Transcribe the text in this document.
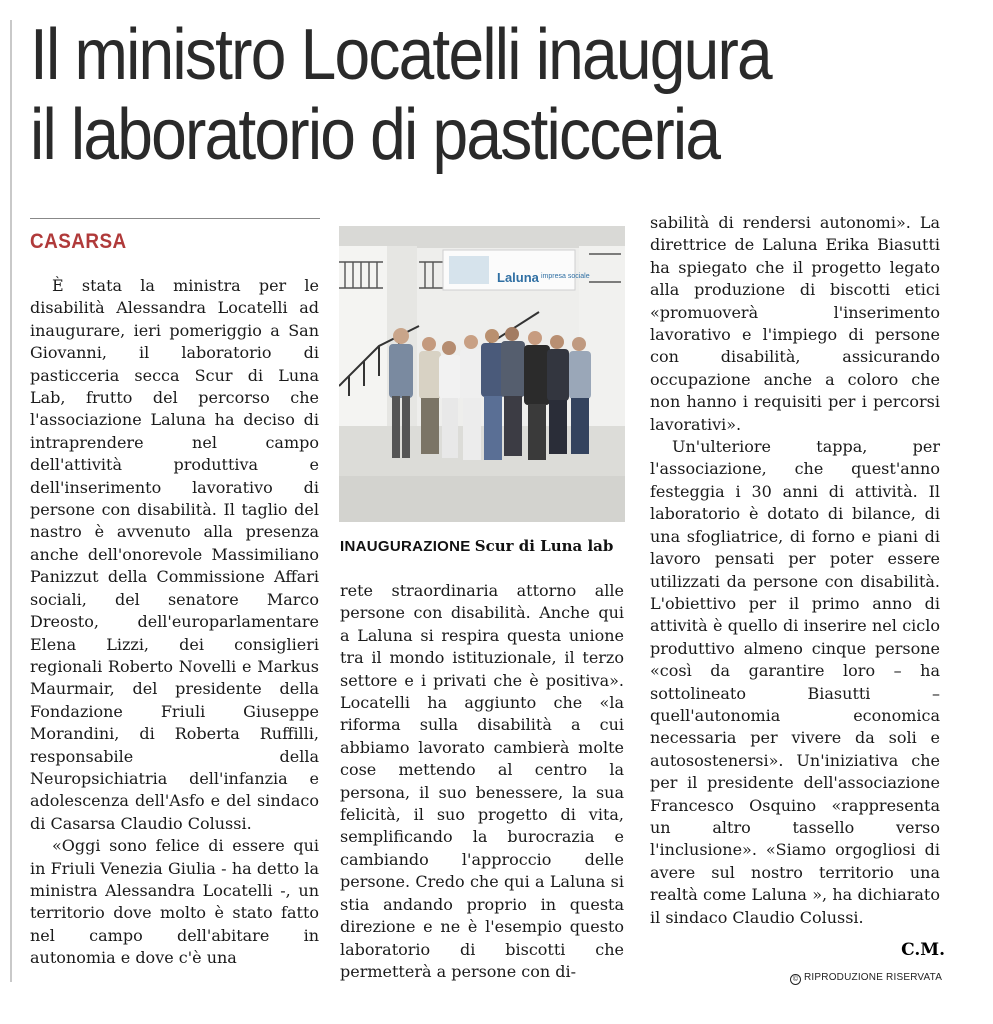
Il ministro Locatelli inaugura
il laboratorio di pasticceria
CASARSA

È stata la ministra per le disabilità Alessandra Locatelli ad inaugurare, ieri pomeriggio a San Giovanni, il laboratorio di pasticceria secca Scur di Luna Lab, frutto del percorso che l'associazione Laluna ha deciso di intraprendere nel campo dell'attività produttiva e dell'inserimento lavorativo di persone con disabilità. Il taglio del nastro è avvenuto alla presenza anche dell'onorevole Massimiliano Panizzut della Commissione Affari sociali, del senatore Marco Dreosto, dell'europarlamentare Elena Lizzi, dei consiglieri regionali Roberto Novelli e Markus Maurmair, del presidente della Fondazione Friuli Giuseppe Morandini, di Roberta Ruffilli, responsabile della Neuropsichiatria dell'infanzia e adolescenza dell'Asfo e del sindaco di Casarsa Claudio Colussi.

«Oggi sono felice di essere qui in Friuli Venezia Giulia - ha detto la ministra Alessandra Locatelli -, un territorio dove molto è stato fatto nel campo dell'abitare in autonomia e dove c'è una

Laluna impresa sociale
INAUGURAZIONE Scur di Luna lab

rete straordinaria attorno alle persone con disabilità. Anche qui a Laluna si respira questa unione tra il mondo istituzionale, il terzo settore e i privati che è positiva». Locatelli ha aggiunto che «la riforma sulla disabilità a cui abbiamo lavorato cambierà molte cose mettendo al centro la persona, il suo benessere, la sua felicità, il suo progetto di vita, semplificando la burocrazia e cambiando l'approccio delle persone. Credo che qui a Laluna si stia andando proprio in questa direzione e ne è l'esempio questo laboratorio di biscotti che permetterà a persone con di-

sabilità di rendersi autonomi». La direttrice de Laluna Erika Biasutti ha spiegato che il progetto legato alla produzione di biscotti etici «promuoverà l'inserimento lavorativo e l'impiego di persone con disabilità, assicurando occupazione anche a coloro che non hanno i requisiti per i percorsi lavorativi».

Un'ulteriore tappa, per l'associazione, che quest'anno festeggia i 30 anni di attività. Il laboratorio è dotato di bilance, di una sfogliatrice, di forno e piani di lavoro pensati per poter essere utilizzati da persone con disabilità. L'obiettivo per il primo anno di attività è quello di inserire nel ciclo produttivo almeno cinque persone «così da garantire loro – ha sottolineato Biasutti – quell'autonomia economica necessaria per vivere da soli e autosostenersi». Un'iniziativa che per il presidente dell'associazione Francesco Osquino «rappresenta un altro tassello verso l'inclusione». «Siamo orgogliosi di avere sul nostro territorio una realtà come Laluna », ha dichiarato il sindaco Claudio Colussi.

C.M.
© RIPRODUZIONE RISERVATA
